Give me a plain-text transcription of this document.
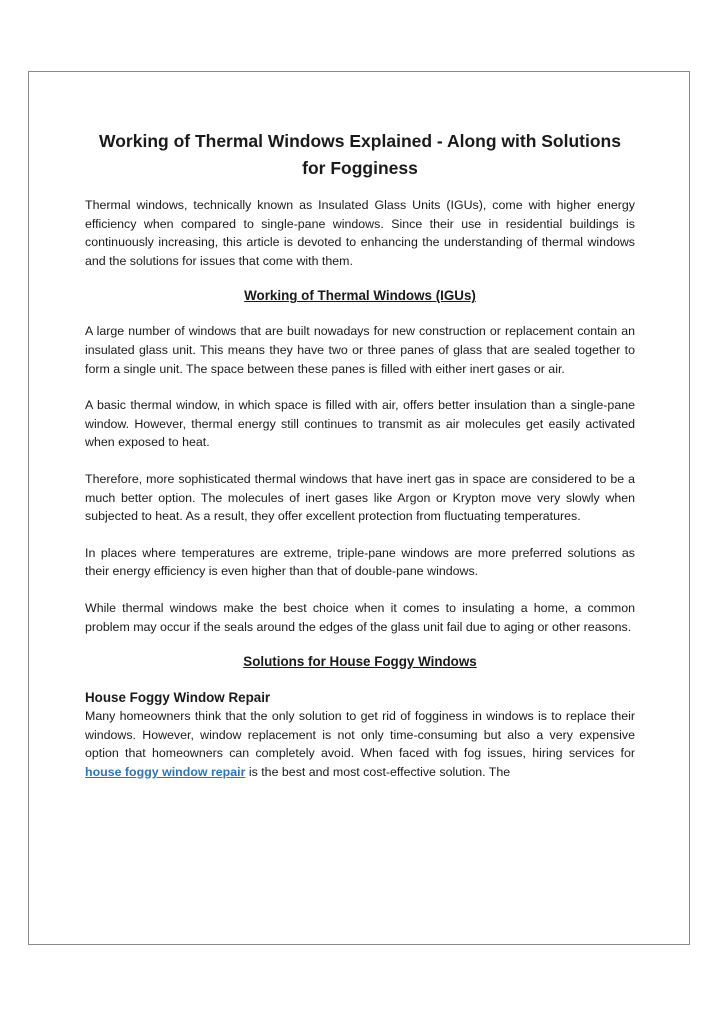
Working of Thermal Windows Explained - Along with Solutions for Fogginess

Thermal windows, technically known as Insulated Glass Units (IGUs), come with higher energy efficiency when compared to single-pane windows. Since their use in residential buildings is continuously increasing, this article is devoted to enhancing the understanding of thermal windows and the solutions for issues that come with them.

Working of Thermal Windows (IGUs)

A large number of windows that are built nowadays for new construction or replacement contain an insulated glass unit. This means they have two or three panes of glass that are sealed together to form a single unit. The space between these panes is filled with either inert gases or air.

A basic thermal window, in which space is filled with air, offers better insulation than a single-pane window. However, thermal energy still continues to transmit as air molecules get easily activated when exposed to heat.

Therefore, more sophisticated thermal windows that have inert gas in space are considered to be a much better option. The molecules of inert gases like Argon or Krypton move very slowly when subjected to heat. As a result, they offer excellent protection from fluctuating temperatures.

In places where temperatures are extreme, triple-pane windows are more preferred solutions as their energy efficiency is even higher than that of double-pane windows.

While thermal windows make the best choice when it comes to insulating a home, a common problem may occur if the seals around the edges of the glass unit fail due to aging or other reasons.

Solutions for House Foggy Windows
House Foggy Window Repair

Many homeowners think that the only solution to get rid of fogginess in windows is to replace their windows. However, window replacement is not only time-consuming but also a very expensive option that homeowners can completely avoid. When faced with fog issues, hiring services for house foggy window repair is the best and most cost-effective solution. The
